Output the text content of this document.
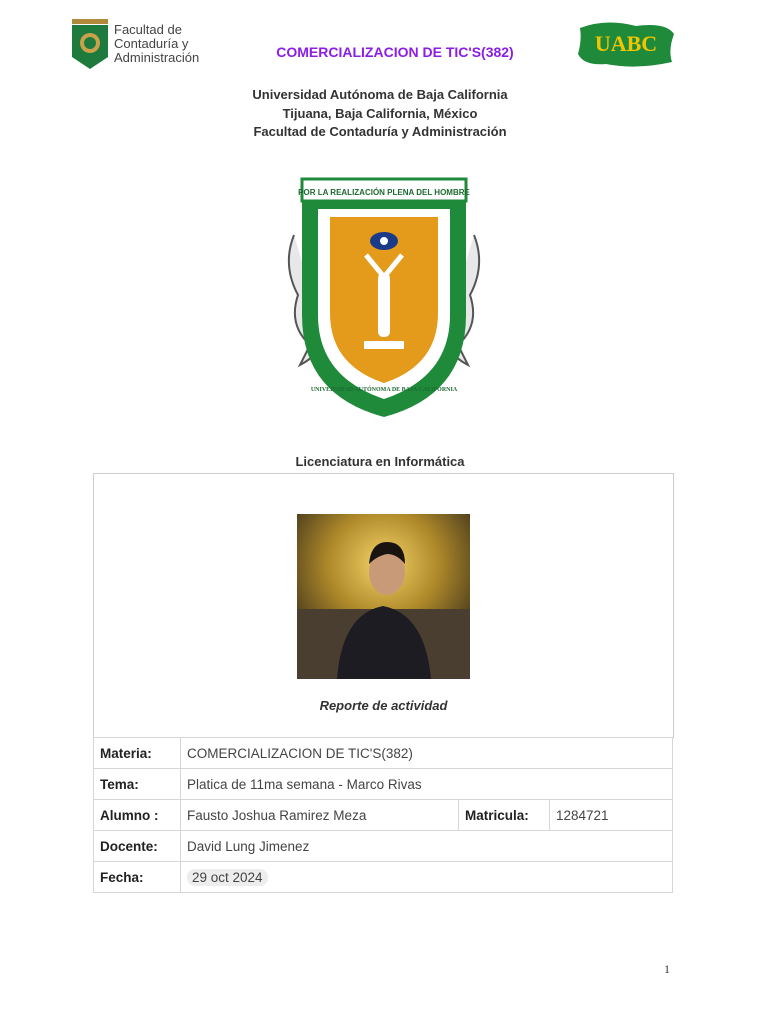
Facultad de
Contaduría y
Administración	COMERCIALIZACION DE TIC'S(382)	UABC
Universidad Autónoma de Baja California
Tijuana, Baja California, México
Facultad de Contaduría y Administración
POR LA REALIZACIÓN PLENA DEL HOMBRE
UNIVERSIDAD AUTÓNOMA DE BAJA CALIFORNIA
Licenciatura en Informática
Reporte de actividad
Materia:	COMERCIALIZACION DE TIC'S(382)		
Tema:	Platica de 11ma semana - Marco Rivas		
Alumno :	Fausto Joshua Ramirez Meza	Matricula:	1284721
Docente:	David Lung Jimenez		
Fecha:	29 oct 2024		
1
